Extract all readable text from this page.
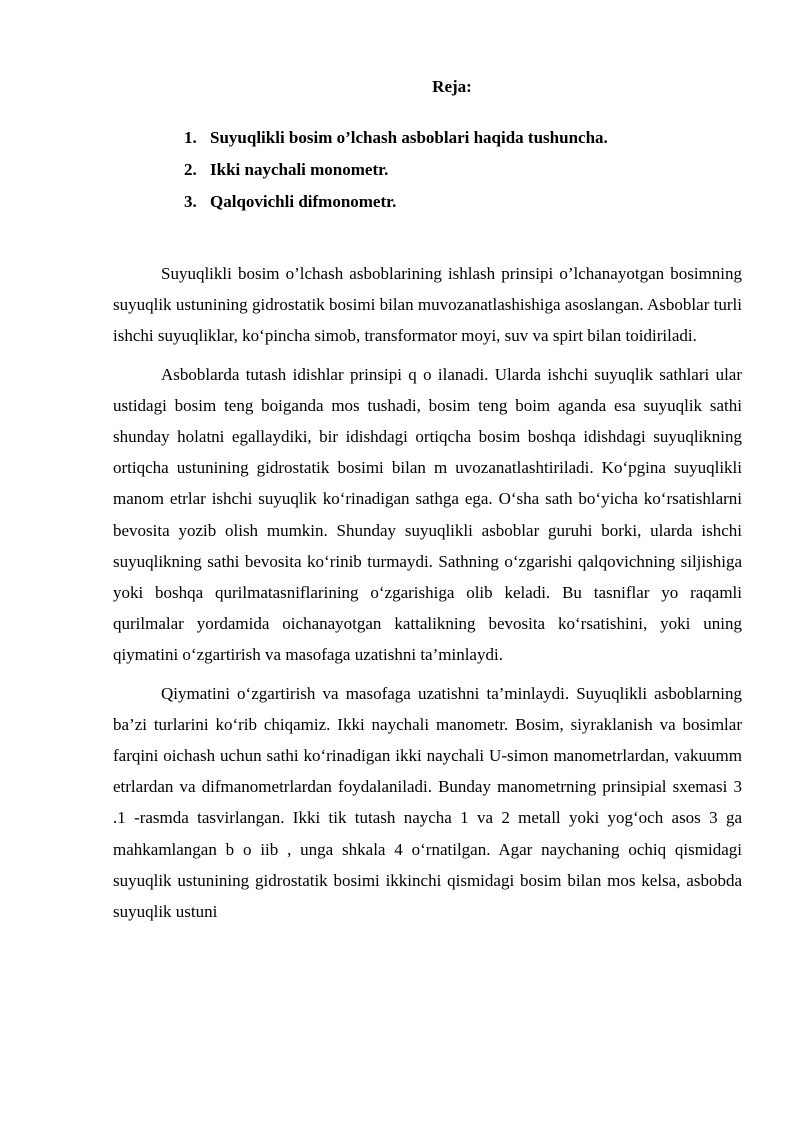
Reja:
1. Suyuqlikli bosim o’lchash asboblari haqida tushuncha.
2. Ikki naychali monometr.
3. Qalqovichli difmonometr.

Suyuqlikli bosim o’lchash asboblarining ishlash prinsipi o’lchanayotgan bosimning suyuqlik ustunining gidrostatik bosimi bilan muvozanatlashishiga asoslangan. Asboblar turli ishchi suyuqliklar, koʻpincha simob, transformator moyi, suv va spirt bilan toidiriladi.

Asboblarda tutash idishlar prinsipi q o ilanadi. Ularda ishchi suyuqlik sathlari ular ustidagi bosim teng boiganda mos tushadi, bosim teng boim aganda esa suyuqlik sathi shunday holatni egallaydiki, bir idishdagi ortiqcha bosim boshqa idishdagi suyuqlikning ortiqcha ustunining gidrostatik bosimi bilan m uvozanatlashtiriladi. Koʻpgina suyuqlikli manom etrlar ishchi suyuqlik koʻrinadigan sathga ega. Oʻsha sath boʻyicha koʻrsatishlarni bevosita yozib olish mumkin. Shunday suyuqlikli asboblar guruhi borki, ularda ishchi suyuqlikning sathi bevosita koʻrinib turmaydi. Sathning oʻzgarishi qalqovichning siljishiga yoki boshqa qurilmatasniflarining oʻzgarishiga olib keladi. Bu tasniflar yo raqamli qurilmalar yordamida oichanayotgan kattalikning bevosita koʻrsatishini, yoki uning qiymatini oʻzgartirish va masofaga uzatishni ta’minlaydi.

Qiymatini oʻzgartirish va masofaga uzatishni ta’minlaydi. Suyuqlikli asboblarning ba’zi turlarini koʻrib chiqamiz. Ikki naychali manometr. Bosim, siyraklanish va bosimlar farqini oichash uchun sathi koʻrinadigan ikki naychali U-simon manometrlardan, vakuumm etrlardan va difmanometrlardan foydalaniladi. Bunday manometrning prinsipial sxemasi 3 .1 -rasmda tasvirlangan. Ikki tik tutash naycha 1 va 2 metall yoki yogʻoch asos 3 ga mahkamlangan b o iib , unga shkala 4 oʻrnatilgan. Agar naychaning ochiq qismidagi suyuqlik ustunining gidrostatik bosimi ikkinchi qismidagi bosim bilan mos kelsa, asbobda suyuqlik ustuni
